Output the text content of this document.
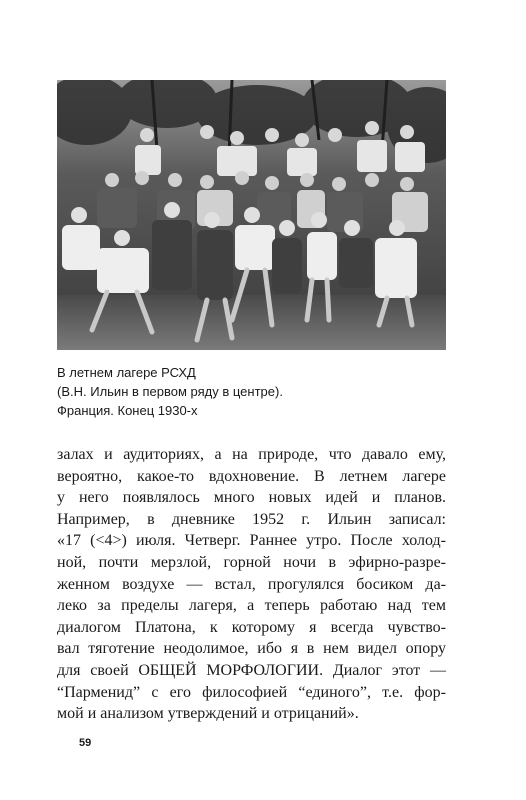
В летнем лагере РСХД
(В.Н. Ильин в первом ряду в центре).
Франция. Конец 1930-х
залах и аудиториях, а на природе, что давало ему,
вероятно, какое-то вдохновение. В летнем лагере
у него появлялось много новых идей и планов.
Например, в дневнике 1952 г. Ильин записал:
«17 (<4>) июля. Четверг. Раннее утро. После холод-
ной, почти мерзлой, горной ночи в эфирно-разре-
женном воздухе — встал, прогулялся босиком да-
леко за пределы лагеря, а теперь работаю над тем
диалогом Платона, к которому я всегда чувство-
вал тяготение неодолимое, ибо я в нем видел опору
для своей ОБЩЕЙ МОРФОЛОГИИ. Диалог этот —
“Парменид” с его философией “единого”, т.е. фор-
мой и анализом утверждений и отрицаний».
59
